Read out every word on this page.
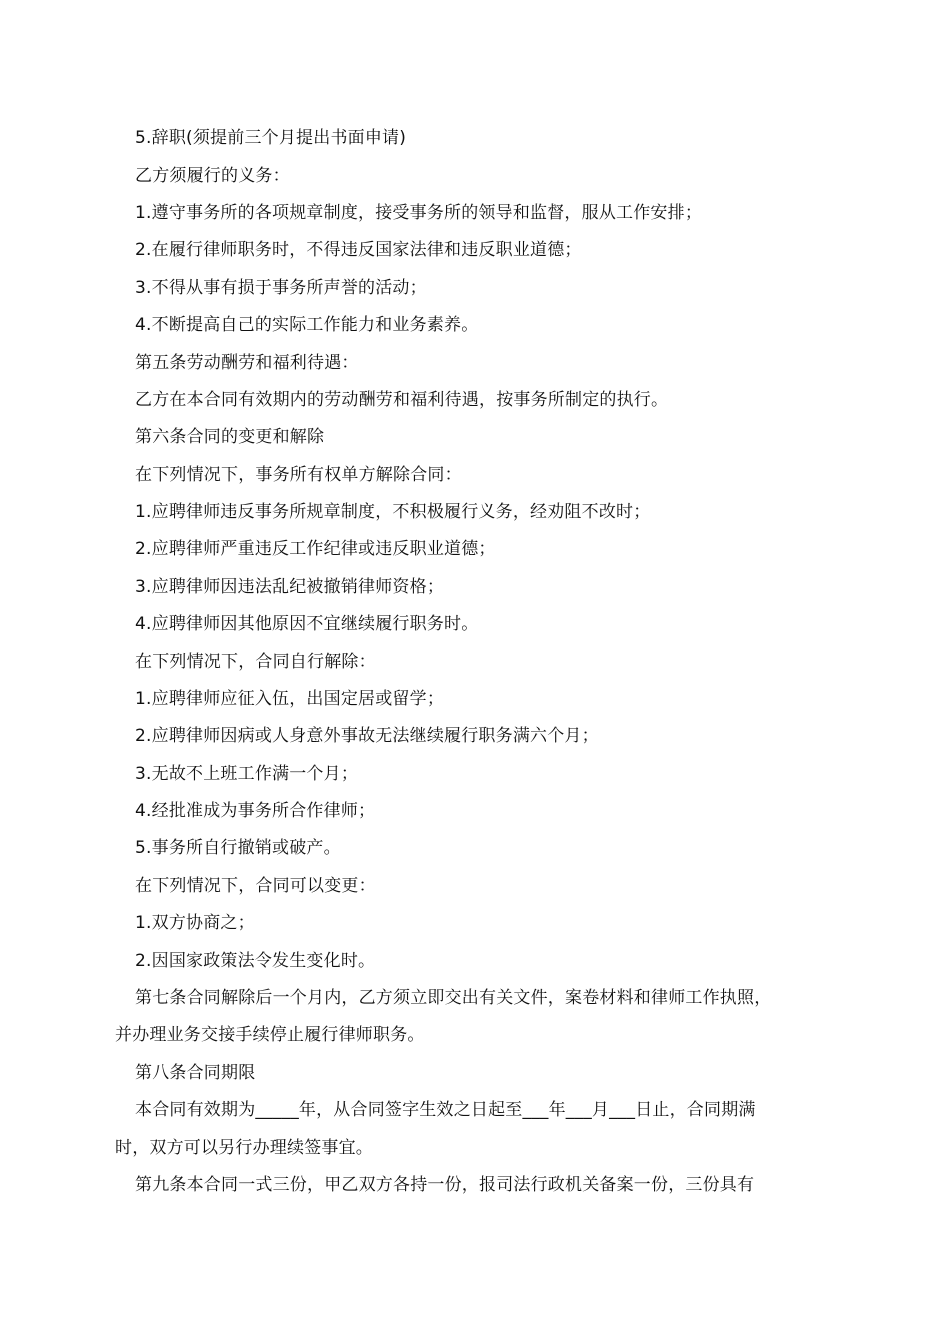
5.辞职(须提前三个月提出书面申请)
乙方须履行的义务：
1.遵守事务所的各项规章制度，接受事务所的领导和监督，服从工作安排；
2.在履行律师职务时，不得违反国家法律和违反职业道德；
3.不得从事有损于事务所声誉的活动；
4.不断提高自己的实际工作能力和业务素养。
第五条劳动酬劳和福利待遇：
乙方在本合同有效期内的劳动酬劳和福利待遇，按事务所制定的执行。
第六条合同的变更和解除
在下列情况下，事务所有权单方解除合同：
1.应聘律师违反事务所规章制度，不积极履行义务，经劝阻不改时；
2.应聘律师严重违反工作纪律或违反职业道德；
3.应聘律师因违法乱纪被撤销律师资格；
4.应聘律师因其他原因不宜继续履行职务时。
在下列情况下，合同自行解除：
1.应聘律师应征入伍，出国定居或留学；
2.应聘律师因病或人身意外事故无法继续履行职务满六个月；
3.无故不上班工作满一个月；
4.经批准成为事务所合作律师；
5.事务所自行撤销或破产。
在下列情况下，合同可以变更：
1.双方协商之；
2.因国家政策法令发生变化时。
第七条合同解除后一个月内，乙方须立即交出有关文件，案卷材料和律师工作执照，
并办理业务交接手续停止履行律师职务。
第八条合同期限
本合同有效期为_____年，从合同签字生效之日起至___年___月___日止，合同期满
时，双方可以另行办理续签事宜。
第九条本合同一式三份，甲乙双方各持一份，报司法行政机关备案一份，三份具有
